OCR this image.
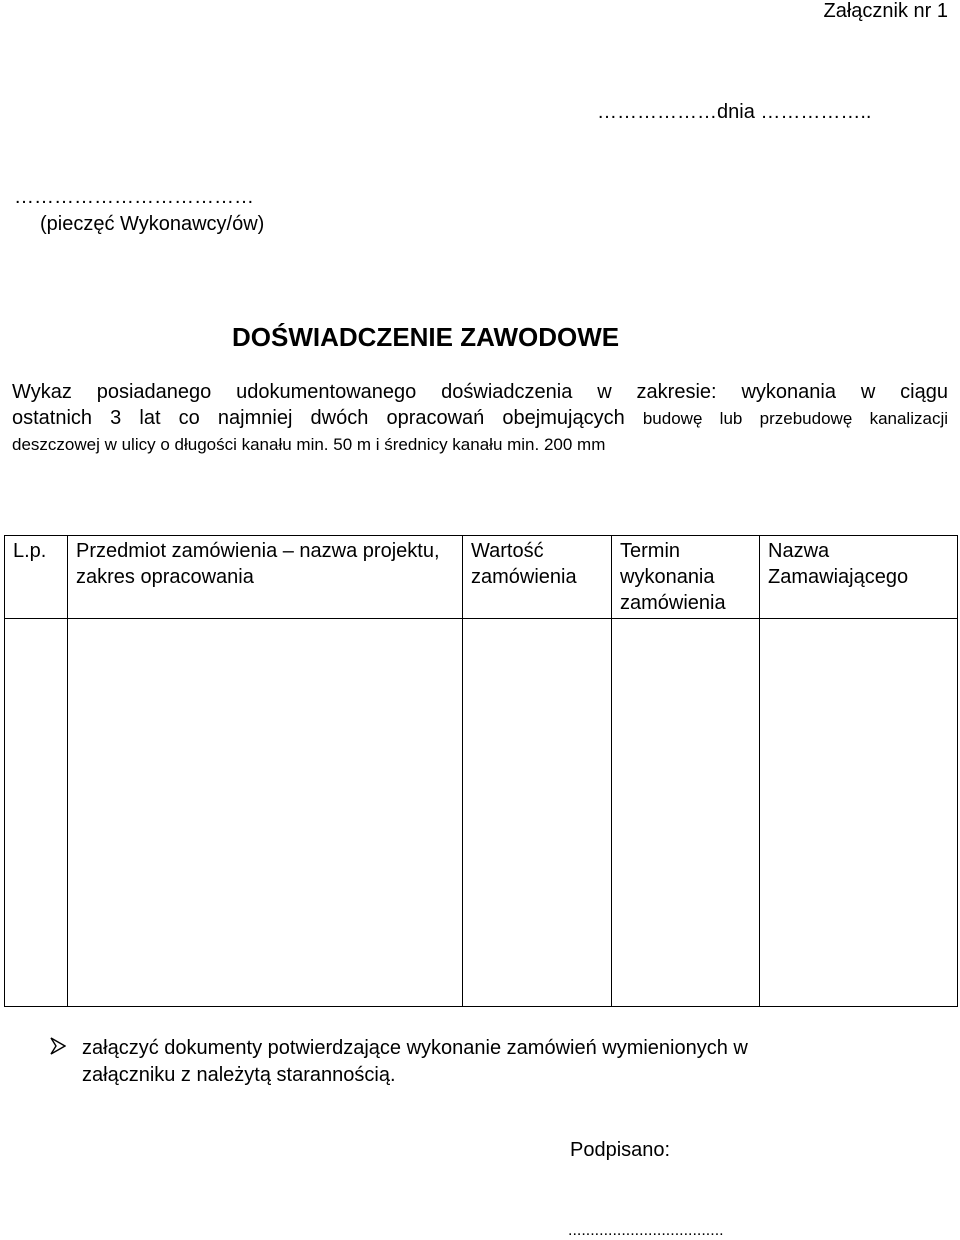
Załącznik nr 1
………………dnia ……………..
………………………………
(pieczęć Wykonawcy/ów)
DOŚWIADCZENIE ZAWODOWE
Wykaz posiadanego udokumentowanego doświadczenia w zakresie: wykonania w ciągu
ostatnich 3 lat co najmniej dwóch opracowań obejmujących budowę lub przebudowę kanalizacji
deszczowej w ulicy o długości kanału min. 50 m i średnicy kanału min. 200 mm
L.p.	Przedmiot zamówienia – nazwa projektu, zakres opracowania	Wartość zamówienia	Termin wykonania zamówienia	Nazwa Zamawiającego

załączyć dokumenty potwierdzające wykonanie zamówień wymienionych w załączniku z należytą starannością.
Podpisano:
...................................
